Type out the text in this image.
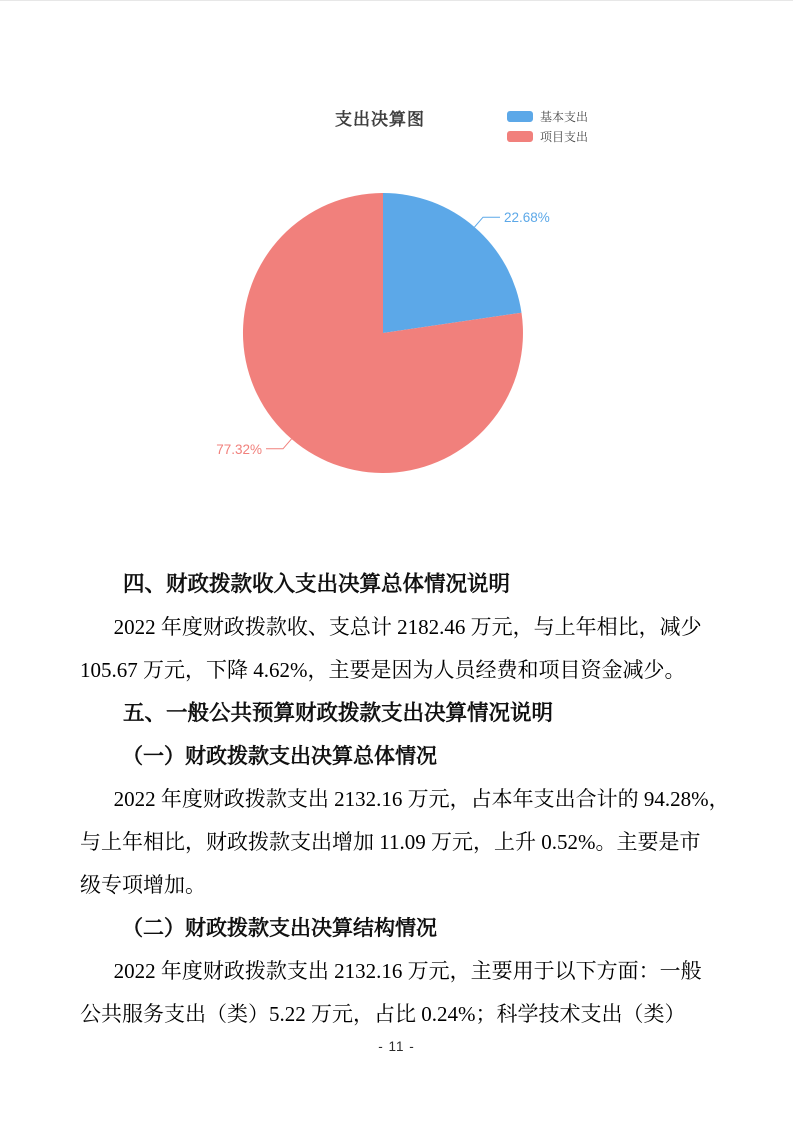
支出决算图	基本支出
项目支出
22.68%
77.32%
四、财政拨款收入支出决算总体情况说明
2022 年度财政拨款收、支总计 2182.46 万元，与上年相比，减少
105.67 万元，下降 4.62%，主要是因为人员经费和项目资金减少。
五、一般公共预算财政拨款支出决算情况说明
（一）财政拨款支出决算总体情况
2022 年度财政拨款支出 2132.16 万元，占本年支出合计的 94.28%，
与上年相比，财政拨款支出增加 11.09 万元，上升 0.52%。主要是市
级专项增加。
（二）财政拨款支出决算结构情况
2022 年度财政拨款支出 2132.16 万元，主要用于以下方面：一般
公共服务支出（类）5.22 万元，占比 0.24%；科学技术支出（类）
- 11 -
